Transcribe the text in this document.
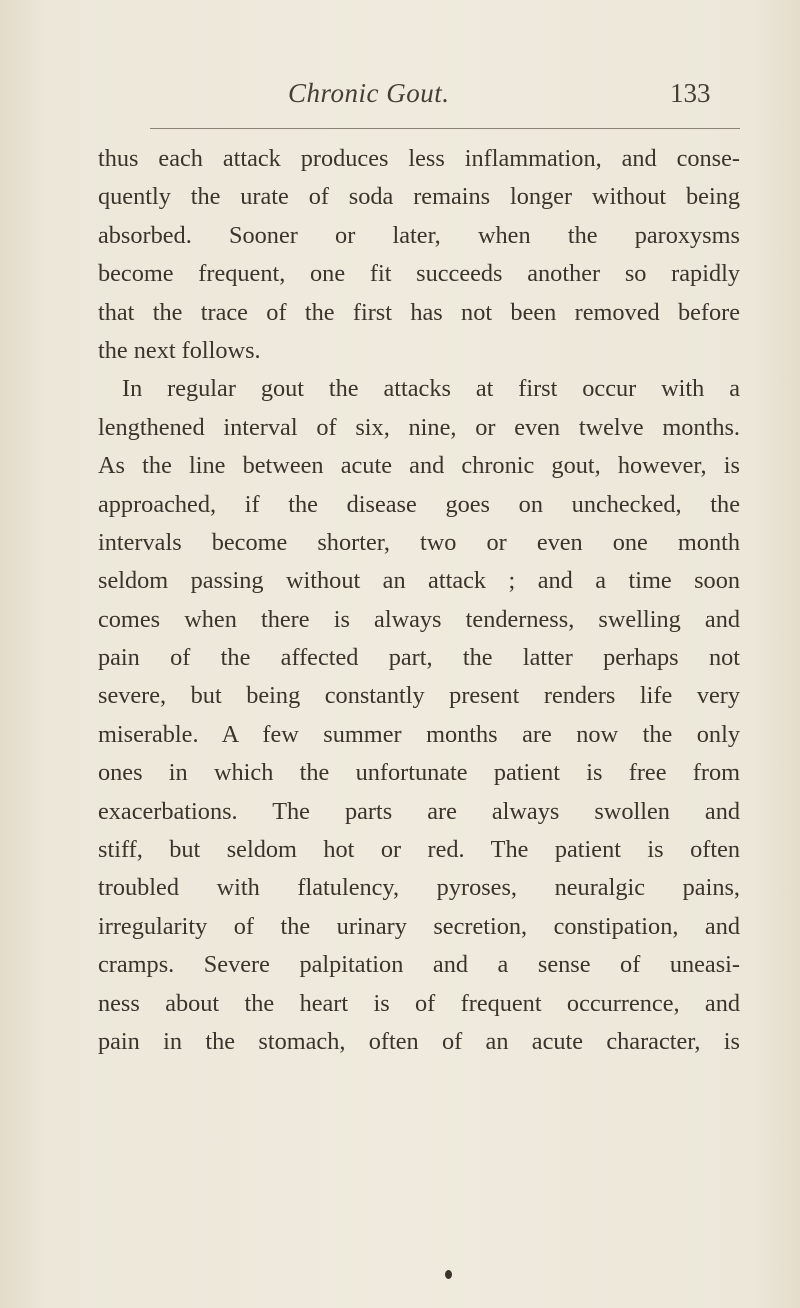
Chronic Gout.	133
thus each attack produces less inflammation, and conse-
quently the urate of soda remains longer without being
absorbed. Sooner or later, when the paroxysms
become frequent, one fit succeeds another so rapidly
that the trace of the first has not been removed before
the next follows.
In regular gout the attacks at first occur with a
lengthened interval of six, nine, or even twelve months.
As the line between acute and chronic gout, however, is
approached, if the disease goes on unchecked, the
intervals become shorter, two or even one month
seldom passing without an attack ; and a time soon
comes when there is always tenderness, swelling and
pain of the affected part, the latter perhaps not
severe, but being constantly present renders life very
miserable. A few summer months are now the only
ones in which the unfortunate patient is free from
exacerbations. The parts are always swollen and
stiff, but seldom hot or red. The patient is often
troubled with flatulency, pyroses, neuralgic pains,
irregularity of the urinary secretion, constipation, and
cramps. Severe palpitation and a sense of uneasi-
ness about the heart is of frequent occurrence, and
pain in the stomach, often of an acute character, is
